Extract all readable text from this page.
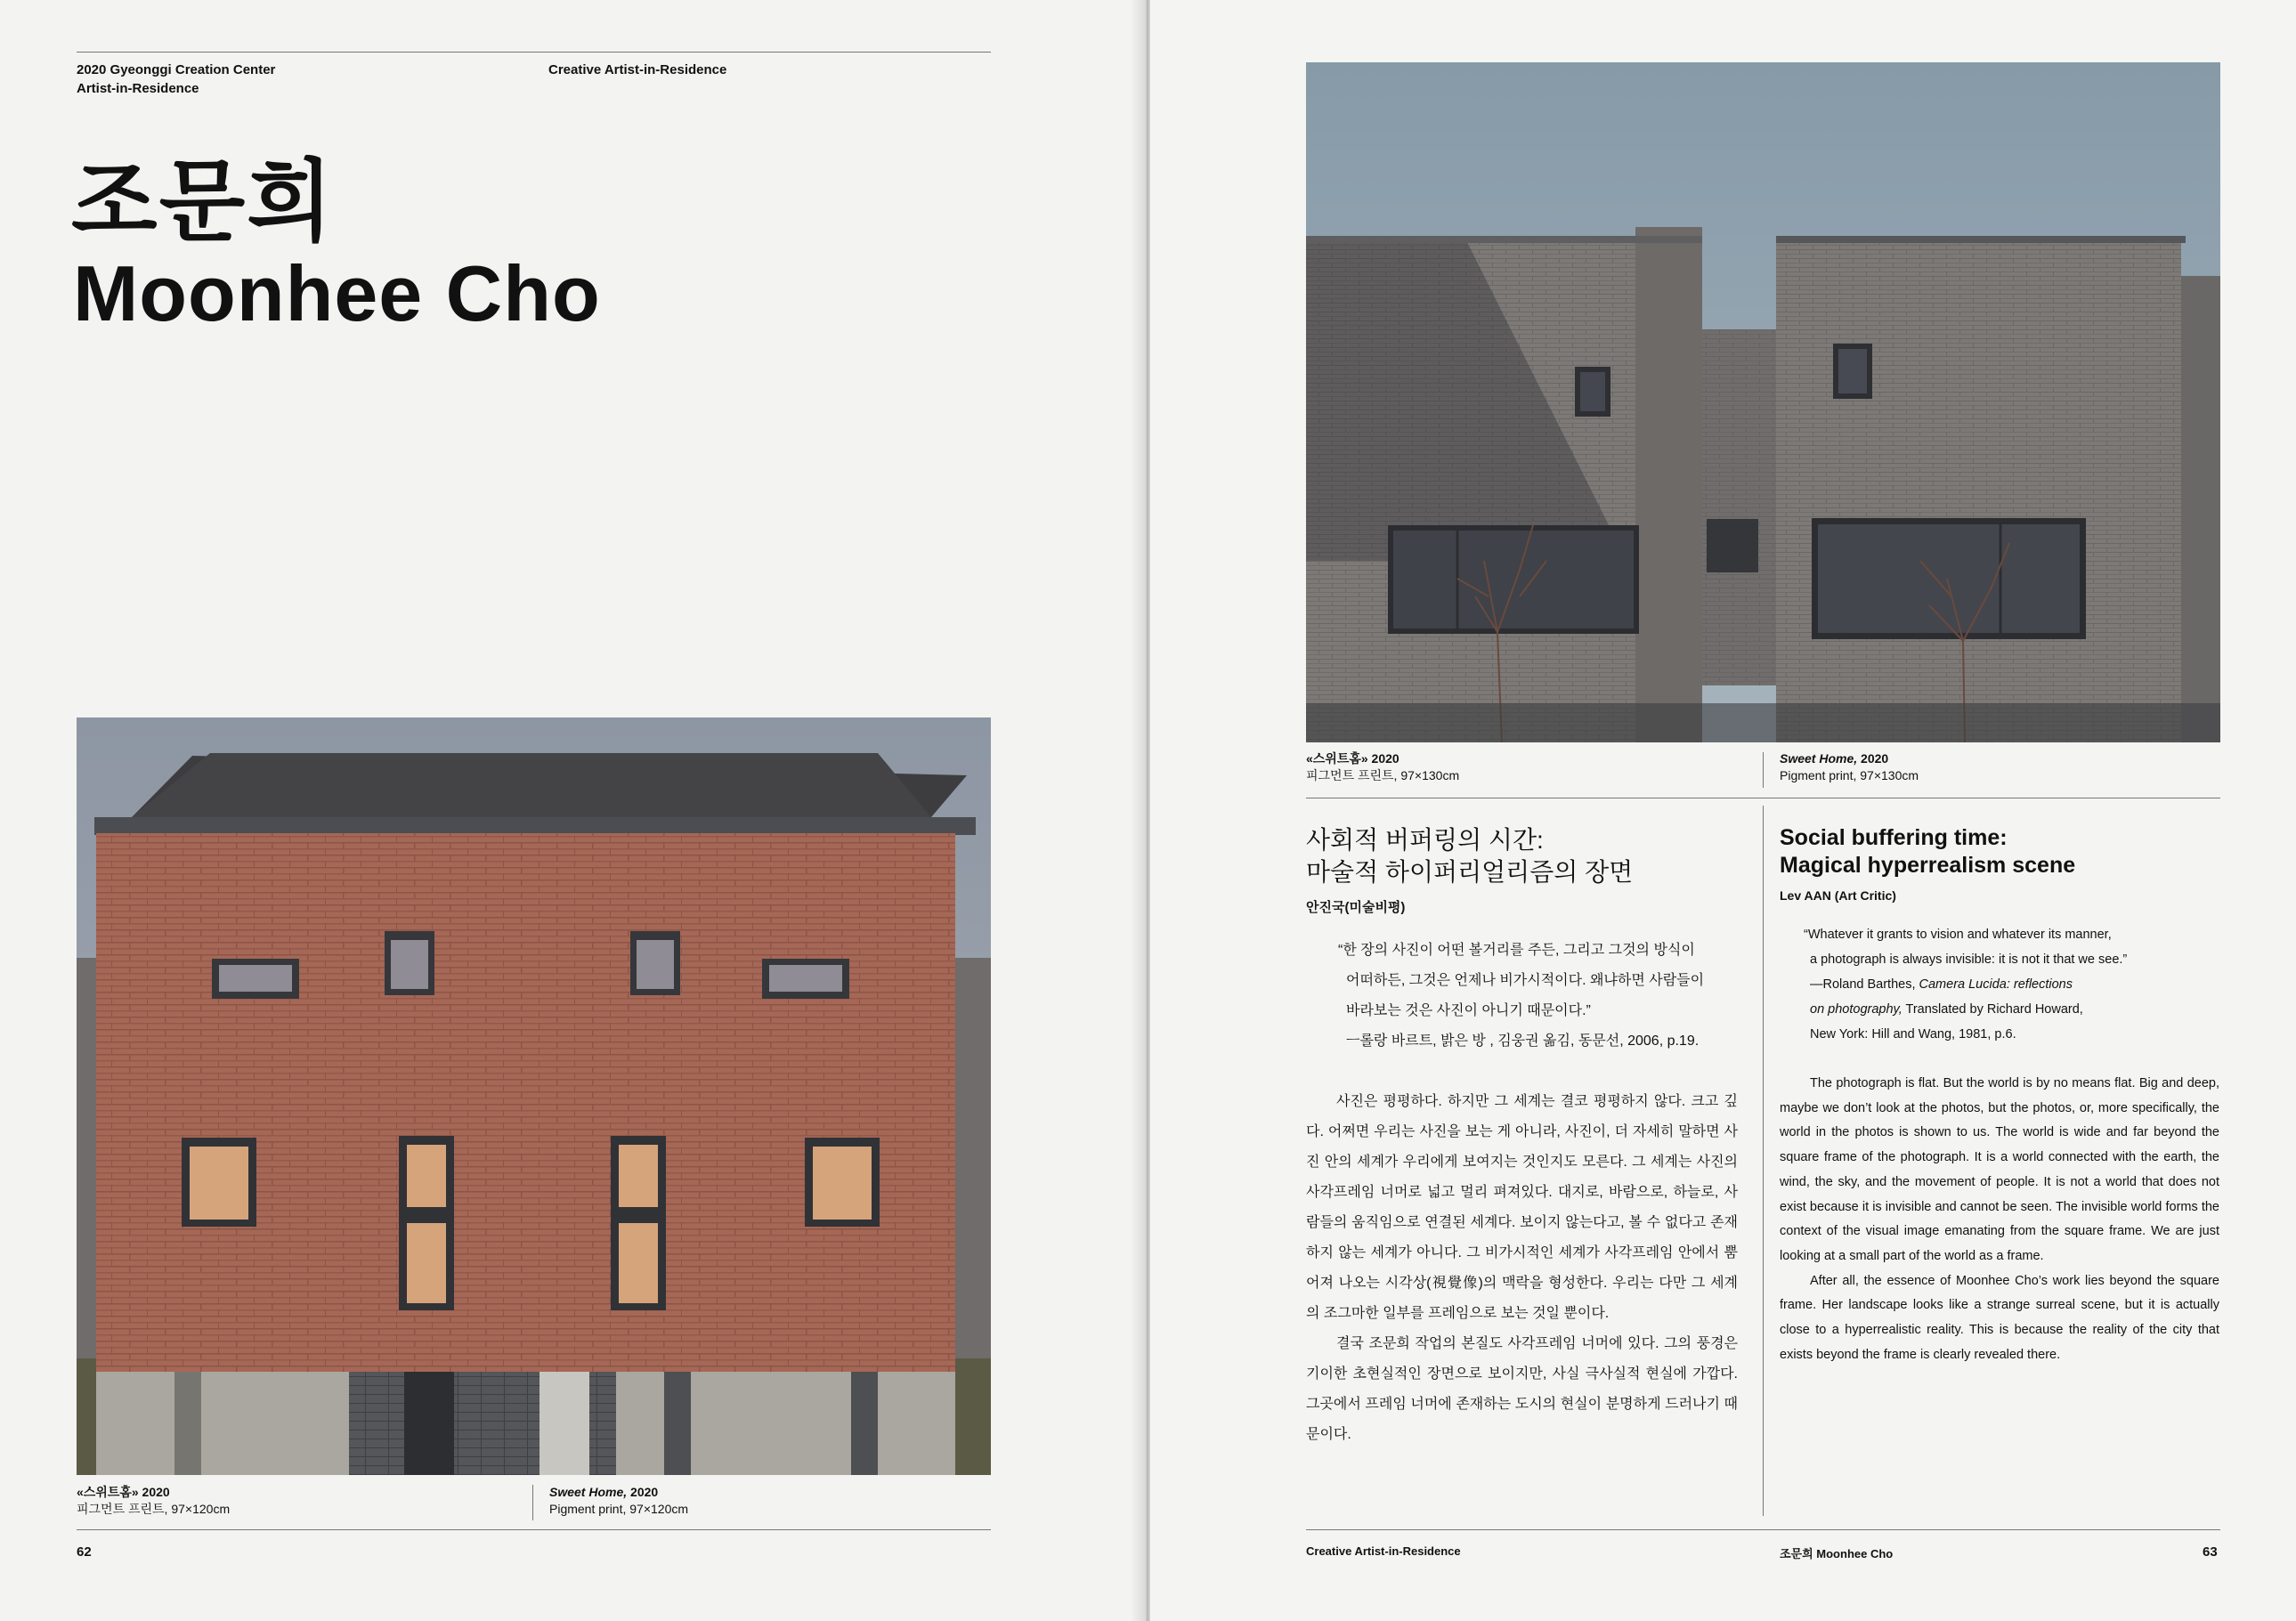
2020 Gyeonggi Creation Center
Artist-in-Residence
Creative Artist-in-Residence
조문희
Moonhee Cho
«스위트홈» 2020
피그먼트 프린트, 97×120cm
Sweet Home, 2020
Pigment print, 97×120cm
62
«스위트홈» 2020
피그먼트 프린트, 97×130cm
Sweet Home, 2020
Pigment print, 97×130cm
사회적 버퍼링의 시간:
마술적 하이퍼리얼리즘의 장면
안진국(미술비평)
“한 장의 사진이 어떤 볼거리를 주든, 그리고 그것의 방식이
어떠하든, 그것은 언제나 비가시적이다. 왜냐하면 사람들이
바라보는 것은 사진이 아니기 때문이다.”
ㅡ롤랑 바르트, 밝은 방 , 김웅권 옮김, 동문선, 2006, p.19.
사진은 평평하다. 하지만 그 세계는 결코 평평하지 않다. 크고 깊다. 어쩌면 우리는 사진을 보는 게 아니라, 사진이, 더 자세히 말하면 사진 안의 세계가 우리에게 보여지는 것인지도 모른다. 그 세계는 사진의 사각프레임 너머로 넓고 멀리 펴져있다. 대지로, 바람으로, 하늘로, 사람들의 움직임으로 연결된 세계다. 보이지 않는다고, 볼 수 없다고 존재하지 않는 세계가 아니다. 그 비가시적인 세계가 사각프레임 안에서 뿜어져 나오는 시각상(視覺像)의 맥락을 형성한다. 우리는 다만 그 세계의 조그마한 일부를 프레임으로 보는 것일 뿐이다.
결국 조문희 작업의 본질도 사각프레임 너머에 있다. 그의 풍경은 기이한 초현실적인 장면으로 보이지만, 사실 극사실적 현실에 가깝다. 그곳에서 프레임 너머에 존재하는 도시의 현실이 분명하게 드러나기 때문이다.
Social buffering time:
Magical hyperrealism scene
Lev AAN (Art Critic)
“Whatever it grants to vision and whatever its manner,
a photograph is always invisible: it is not it that we see.”
—Roland Barthes, Camera Lucida: reflections
on photography, Translated by Richard Howard,
New York: Hill and Wang, 1981, p.6.
The photograph is flat. But the world is by no means flat. Big and deep, maybe we don’t look at the photos, but the photos, or, more specifically, the world in the photos is shown to us. The world is wide and far beyond the square frame of the photograph. It is a world connected with the earth, the wind, the sky, and the movement of people. It is not a world that does not exist because it is invisible and cannot be seen. The invisible world forms the context of the visual image emanating from the square frame. We are just looking at a small part of the world as a frame.
After all, the essence of Moonhee Cho’s work lies beyond the square frame. Her landscape looks like a strange surreal scene, but it is actually close to a hyperrealistic reality. This is because the reality of the city that exists beyond the frame is clearly revealed there.
Creative Artist-in-Residence	조문희 Moonhee Cho	63
